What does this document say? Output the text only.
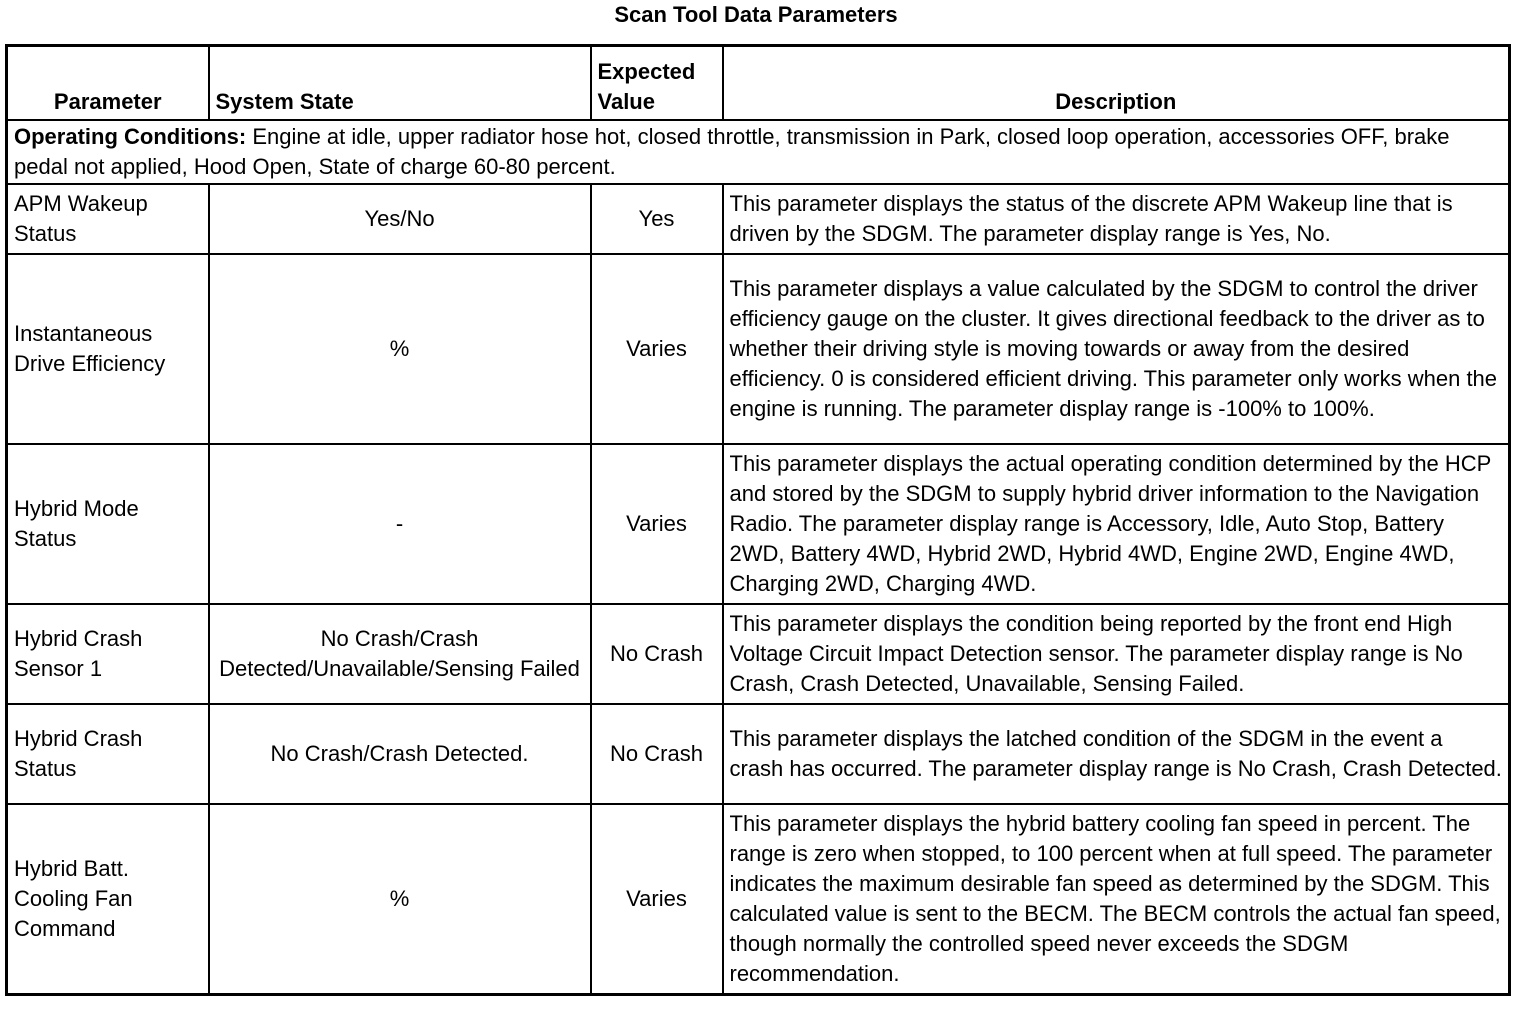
Scan Tool Data Parameters
Parameter	System State	Expected Value	Description
Operating Conditions: Engine at idle, upper radiator hose hot, closed throttle, transmission in Park, closed loop operation, accessories OFF, brake pedal not applied, Hood Open, State of charge 60-80 percent.			
APM Wakeup Status	Yes/No	Yes	This parameter displays the status of the discrete APM Wakeup line that is driven by the SDGM. The parameter display range is Yes, No.
Instantaneous Drive Efficiency	%	Varies	This parameter displays a value calculated by the SDGM to control the driver efficiency gauge on the cluster. It gives directional feedback to the driver as to whether their driving style is moving towards or away from the desired efficiency. 0 is considered efficient driving. This parameter only works when the engine is running. The parameter display range is -100% to 100%.
Hybrid Mode Status	-	Varies	This parameter displays the actual operating condition determined by the HCP and stored by the SDGM to supply hybrid driver information to the Navigation Radio. The parameter display range is Accessory, Idle, Auto Stop, Battery 2WD, Battery 4WD, Hybrid 2WD, Hybrid 4WD, Engine 2WD, Engine 4WD, Charging 2WD, Charging 4WD.
Hybrid Crash Sensor 1	No Crash/Crash Detected/Unavailable/Sensing Failed	No Crash	This parameter displays the condition being reported by the front end High Voltage Circuit Impact Detection sensor. The parameter display range is No Crash, Crash Detected, Unavailable, Sensing Failed.
Hybrid Crash Status	No Crash/Crash Detected.	No Crash	This parameter displays the latched condition of the SDGM in the event a crash has occurred. The parameter display range is No Crash, Crash Detected.
Hybrid Batt. Cooling Fan Command	%	Varies	This parameter displays the hybrid battery cooling fan speed in percent. The range is zero when stopped, to 100 percent when at full speed. The parameter indicates the maximum desirable fan speed as determined by the SDGM. This calculated value is sent to the BECM. The BECM controls the actual fan speed, though normally the controlled speed never exceeds the SDGM recommendation.
